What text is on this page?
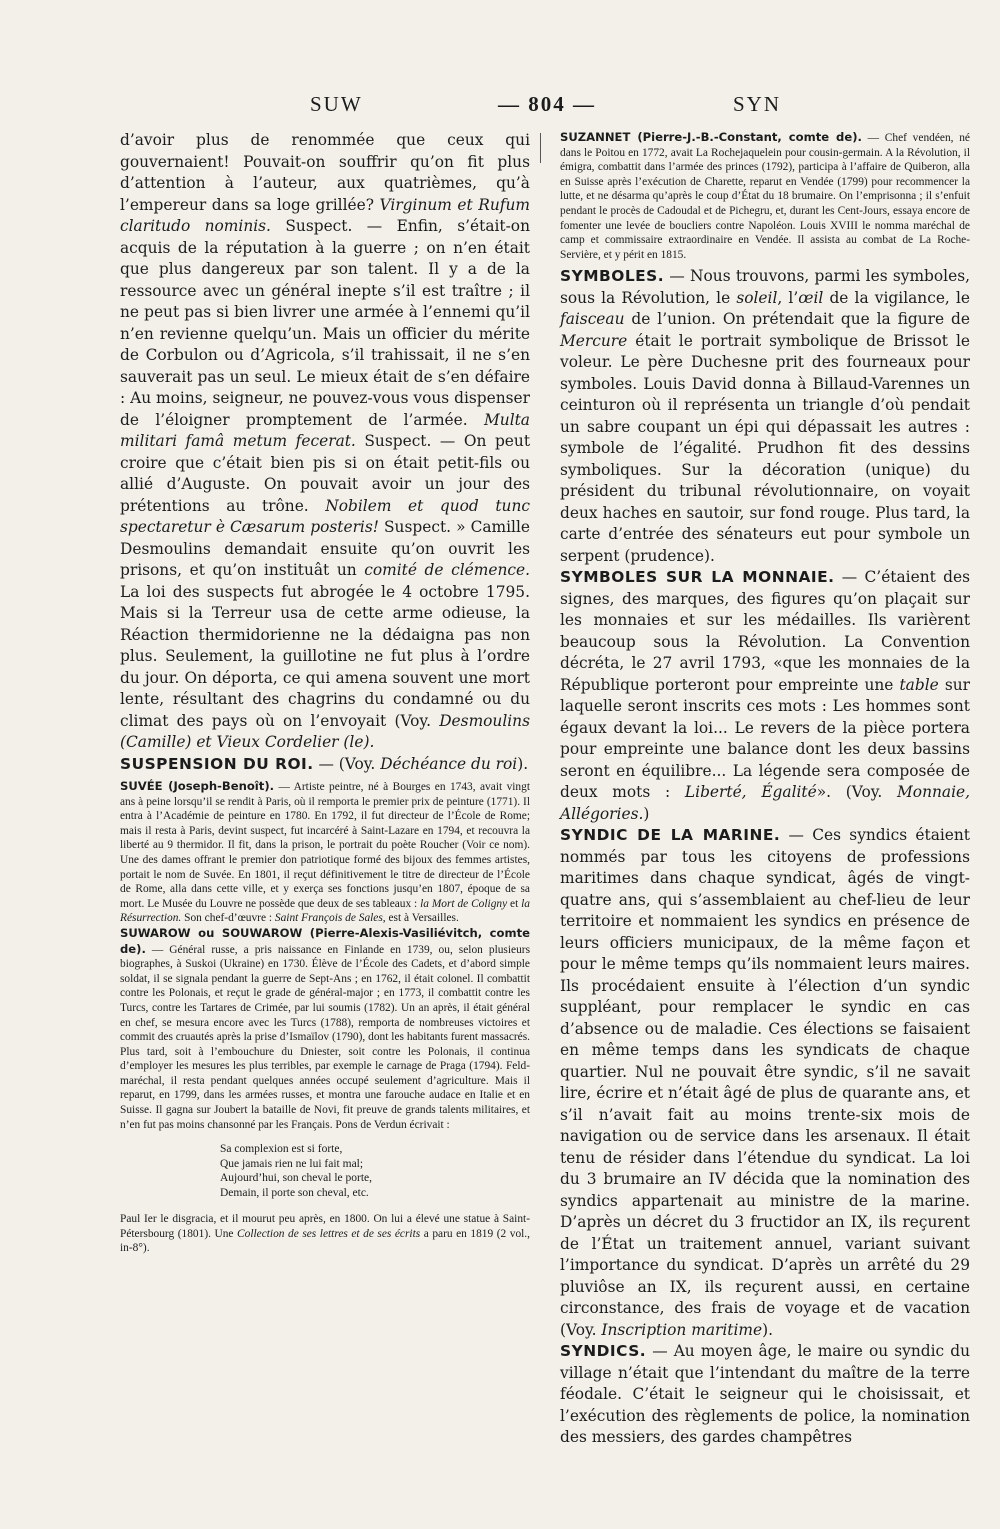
SUW	— 804 —	SYN

d’avoir plus de renommée que ceux qui gouvernaient! Pouvait-on souffrir qu’on fit plus d’attention à l’auteur, aux quatrièmes, qu’à l’empereur dans sa loge grillée? Virginum et Rufum claritudo nominis. Suspect. — Enfin, s’était-on acquis de la réputation à la guerre ; on n’en était que plus dangereux par son talent. Il y a de la ressource avec un général inepte s’il est traître ; il ne peut pas si bien livrer une armée à l’ennemi qu’il n’en revienne quelqu’un. Mais un officier du mérite de Corbulon ou d’Agricola, s’il trahissait, il ne s’en sauverait pas un seul. Le mieux était de s’en défaire : Au moins, seigneur, ne pouvez-vous vous dispenser de l’éloigner promptement de l’armée. Multa militari famâ metum fecerat. Suspect. — On peut croire que c’était bien pis si on était petit-fils ou allié d’Auguste. On pouvait avoir un jour des prétentions au trône. Nobilem et quod tunc spectaretur è Cæsarum posteris! Suspect. » Camille Desmoulins demandait ensuite qu’on ouvrit les prisons, et qu’on instituât un comité de clémence. La loi des suspects fut abrogée le 4 octobre 1795. Mais si la Terreur usa de cette arme odieuse, la Réaction thermidorienne ne la dédaigna pas non plus. Seulement, la guillotine ne fut plus à l’ordre du jour. On déporta, ce qui amena souvent une mort lente, résultant des chagrins du condamné ou du climat des pays où on l’envoyait (Voy. Desmoulins (Camille) et Vieux Cordelier (le).

SUSPENSION DU ROI. — (Voy. Déchéance du roi).

SUVÉE (Joseph-Benoît). — Artiste peintre, né à Bourges en 1743, avait vingt ans à peine lorsqu’il se rendit à Paris, où il remporta le premier prix de peinture (1771). Il entra à l’Académie de peinture en 1780. En 1792, il fut directeur de l’École de Rome; mais il resta à Paris, devint suspect, fut incarcéré à Saint-Lazare en 1794, et recouvra la liberté au 9 thermidor. Il fit, dans la prison, le portrait du poète Roucher (Voir ce nom). Une des dames offrant le premier don patriotique formé des bijoux des femmes artistes, portait le nom de Suvée. En 1801, il reçut définitivement le titre de directeur de l’École de Rome, alla dans cette ville, et y exerça ses fonctions jusqu’en 1807, époque de sa mort. Le Musée du Louvre ne possède que deux de ses tableaux : la Mort de Coligny et la Résurrection. Son chef-d’œuvre : Saint François de Sales, est à Versailles.

SUWAROW ou SOUWAROW (Pierre-Alexis-Vasiliévitch, comte de). — Général russe, a pris naissance en Finlande en 1739, ou, selon plusieurs biographes, à Suskoi (Ukraine) en 1730. Élève de l’École des Cadets, et d’abord simple soldat, il se signala pendant la guerre de Sept-Ans ; en 1762, il était colonel. Il combattit contre les Polonais, et reçut le grade de général-major ; en 1773, il combattit contre les Turcs, contre les Tartares de Crimée, par lui soumis (1782). Un an après, il était général en chef, se mesura encore avec les Turcs (1788), remporta de nombreuses victoires et commit des cruautés après la prise d’Ismaïlov (1790), dont les habitants furent massacrés. Plus tard, soit à l’embouchure du Dniester, soit contre les Polonais, il continua d’employer les mesures les plus terribles, par exemple le carnage de Praga (1794). Feld-maréchal, il resta pendant quelques années occupé seulement d’agriculture. Mais il reparut, en 1799, dans les armées russes, et montra une farouche audace en Italie et en Suisse. Il gagna sur Joubert la bataille de Novi, fit preuve de grands talents militaires, et n’en fut pas moins chansonné par les Français. Pons de Verdun écrivait :

Sa complexion est si forte,
Que jamais rien ne lui fait mal;
Aujourd’hui, son cheval le porte,
Demain, il porte son cheval, etc.

Paul Ier le disgracia, et il mourut peu après, en 1800. On lui a élevé une statue à Saint-Pétersbourg (1801). Une Collection de ses lettres et de ses écrits a paru en 1819 (2 vol., in-8°).

SUZANNET (Pierre-J.-B.-Constant, comte de). — Chef vendéen, né dans le Poitou en 1772, avait La Rochejaquelein pour cousin-germain. A la Révolution, il émigra, combattit dans l’armée des princes (1792), participa à l’affaire de Quiberon, alla en Suisse après l’exécution de Charette, reparut en Vendée (1799) pour recommencer la lutte, et ne désarma qu’après le coup d’État du 18 brumaire. On l’emprisonna ; il s’enfuit pendant le procès de Cadoudal et de Pichegru, et, durant les Cent-Jours, essaya encore de fomenter une levée de boucliers contre Napoléon. Louis XVIII le nomma maréchal de camp et commissaire extraordinaire en Vendée. Il assista au combat de La Roche-Servière, et y périt en 1815.

SYMBOLES. — Nous trouvons, parmi les symboles, sous la Révolution, le soleil, l’œil de la vigilance, le faisceau de l’union. On prétendait que la figure de Mercure était le portrait symbolique de Brissot le voleur. Le père Duchesne prit des fourneaux pour symboles. Louis David donna à Billaud-Varennes un ceinturon où il représenta un triangle d’où pendait un sabre coupant un épi qui dépassait les autres : symbole de l’égalité. Prudhon fit des dessins symboliques. Sur la décoration (unique) du président du tribunal révolutionnaire, on voyait deux haches en sautoir, sur fond rouge. Plus tard, la carte d’entrée des sénateurs eut pour symbole un serpent (prudence).

SYMBOLES SUR LA MONNAIE. — C’étaient des signes, des marques, des figures qu’on plaçait sur les monnaies et sur les médailles. Ils varièrent beaucoup sous la Révolution. La Convention décréta, le 27 avril 1793, «que les monnaies de la République porteront pour empreinte une table sur laquelle seront inscrits ces mots : Les hommes sont égaux devant la loi... Le revers de la pièce portera pour empreinte une balance dont les deux bassins seront en équilibre... La légende sera composée de deux mots : Liberté, Égalité». (Voy. Monnaie, Allégories.)

SYNDIC DE LA MARINE. — Ces syndics étaient nommés par tous les citoyens de professions maritimes dans chaque syndicat, âgés de vingt-quatre ans, qui s’assemblaient au chef-lieu de leur territoire et nommaient les syndics en présence de leurs officiers municipaux, de la même façon et pour le même temps qu’ils nommaient leurs maires. Ils procédaient ensuite à l’élection d’un syndic suppléant, pour remplacer le syndic en cas d’absence ou de maladie. Ces élections se faisaient en même temps dans les syndicats de chaque quartier. Nul ne pouvait être syndic, s’il ne savait lire, écrire et n’était âgé de plus de quarante ans, et s’il n’avait fait au moins trente-six mois de navigation ou de service dans les arsenaux. Il était tenu de résider dans l’étendue du syndicat. La loi du 3 brumaire an IV décida que la nomination des syndics appartenait au ministre de la marine. D’après un décret du 3 fructidor an IX, ils reçurent de l’État un traitement annuel, variant suivant l’importance du syndicat. D’après un arrêté du 29 pluviôse an IX, ils reçurent aussi, en certaine circonstance, des frais de voyage et de vacation (Voy. Inscription maritime).

SYNDICS. — Au moyen âge, le maire ou syndic du village n’était que l’intendant du maître de la terre féodale. C’était le seigneur qui le choisissait, et l’exécution des règlements de police, la nomination des messiers, des gardes champêtres
